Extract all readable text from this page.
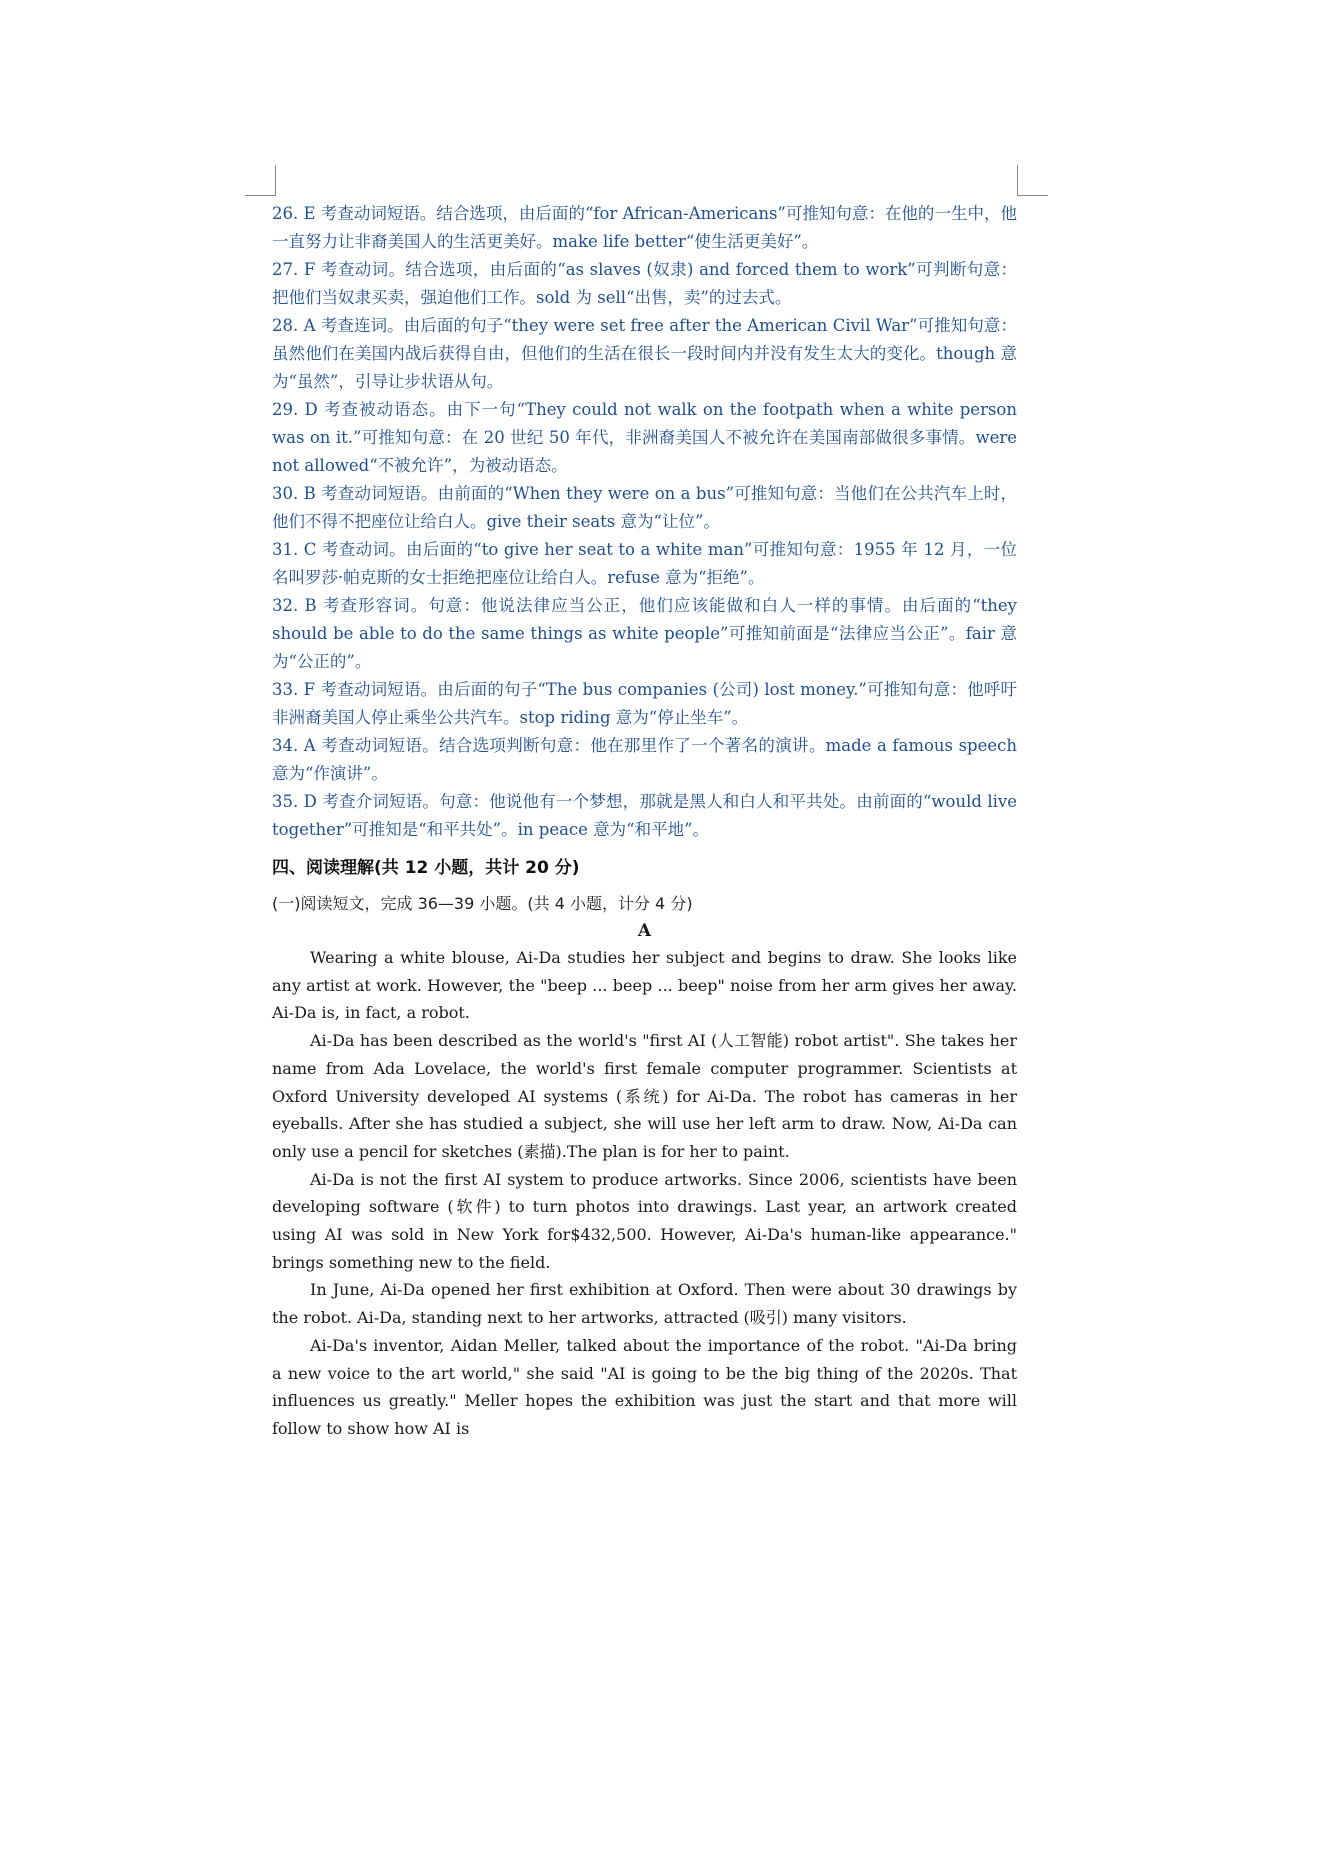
26. E 考查动词短语。结合选项，由后面的“for African-Americans”可推知句意：在他的一生中，他一直努力让非裔美国人的生活更美好。make life better“使生活更美好”。

27. F 考查动词。结合选项，由后面的“as slaves (奴隶) and forced them to work”可判断句意：把他们当奴隶买卖，强迫他们工作。sold 为 sell“出售，卖”的过去式。

28. A 考查连词。由后面的句子“they were set free after the American Civil War”可推知句意：虽然他们在美国内战后获得自由，但他们的生活在很长一段时间内并没有发生太大的变化。though 意为“虽然”，引导让步状语从句。

29. D 考查被动语态。由下一句“They could not walk on the footpath when a white person was on it.”可推知句意：在 20 世纪 50 年代，非洲裔美国人不被允许在美国南部做很多事情。were not allowed“不被允许”，为被动语态。

30. B 考查动词短语。由前面的“When they were on a bus”可推知句意：当他们在公共汽车上时，他们不得不把座位让给白人。give their seats 意为“让位”。

31. C 考查动词。由后面的“to give her seat to a white man”可推知句意：1955 年 12 月，一位名叫罗莎·帕克斯的女士拒绝把座位让给白人。refuse 意为“拒绝”。

32. B 考查形容词。句意：他说法律应当公正，他们应该能做和白人一样的事情。由后面的“they should be able to do the same things as white people”可推知前面是“法律应当公正”。fair 意为“公正的”。

33. F 考查动词短语。由后面的句子“The bus companies (公司) lost money.”可推知句意：他呼吁非洲裔美国人停止乘坐公共汽车。stop riding 意为“停止坐车”。

34. A 考查动词短语。结合选项判断句意：他在那里作了一个著名的演讲。made a famous speech 意为“作演讲”。

35. D 考查介词短语。句意：他说他有一个梦想，那就是黑人和白人和平共处。由前面的“would live together”可推知是“和平共处”。in peace 意为“和平地”。

四、阅读理解(共 12 小题，共计 20 分)

(一)阅读短文，完成 36—39 小题。(共 4 小题，计分 4 分)

A

Wearing a white blouse, Ai-Da studies her subject and begins to draw. She looks like any artist at work. However, the "beep ... beep ... beep" noise from her arm gives her away. Ai-Da is, in fact, a robot.

Ai-Da has been described as the world's "first AI (人工智能) robot artist". She takes her name from Ada Lovelace, the world's first female computer programmer. Scientists at Oxford University developed AI systems (系统) for Ai-Da. The robot has cameras in her eyeballs. After she has studied a subject, she will use her left arm to draw. Now, Ai-Da can only use a pencil for sketches (素描).The plan is for her to paint.

Ai-Da is not the first AI system to produce artworks. Since 2006, scientists have been developing software (软件) to turn photos into drawings. Last year, an artwork created using AI was sold in New York for$432,500. However, Ai-Da's human-like appearance." brings something new to the field.

In June, Ai-Da opened her first exhibition at Oxford. Then were about 30 drawings by the robot. Ai-Da, standing next to her artworks, attracted (吸引) many visitors.

Ai-Da's inventor, Aidan Meller, talked about the importance of the robot. "Ai-Da bring a new voice to the art world," she said "AI is going to be the big thing of the 2020s. That influences us greatly." Meller hopes the exhibition was just the start and that more will follow to show how AI is
